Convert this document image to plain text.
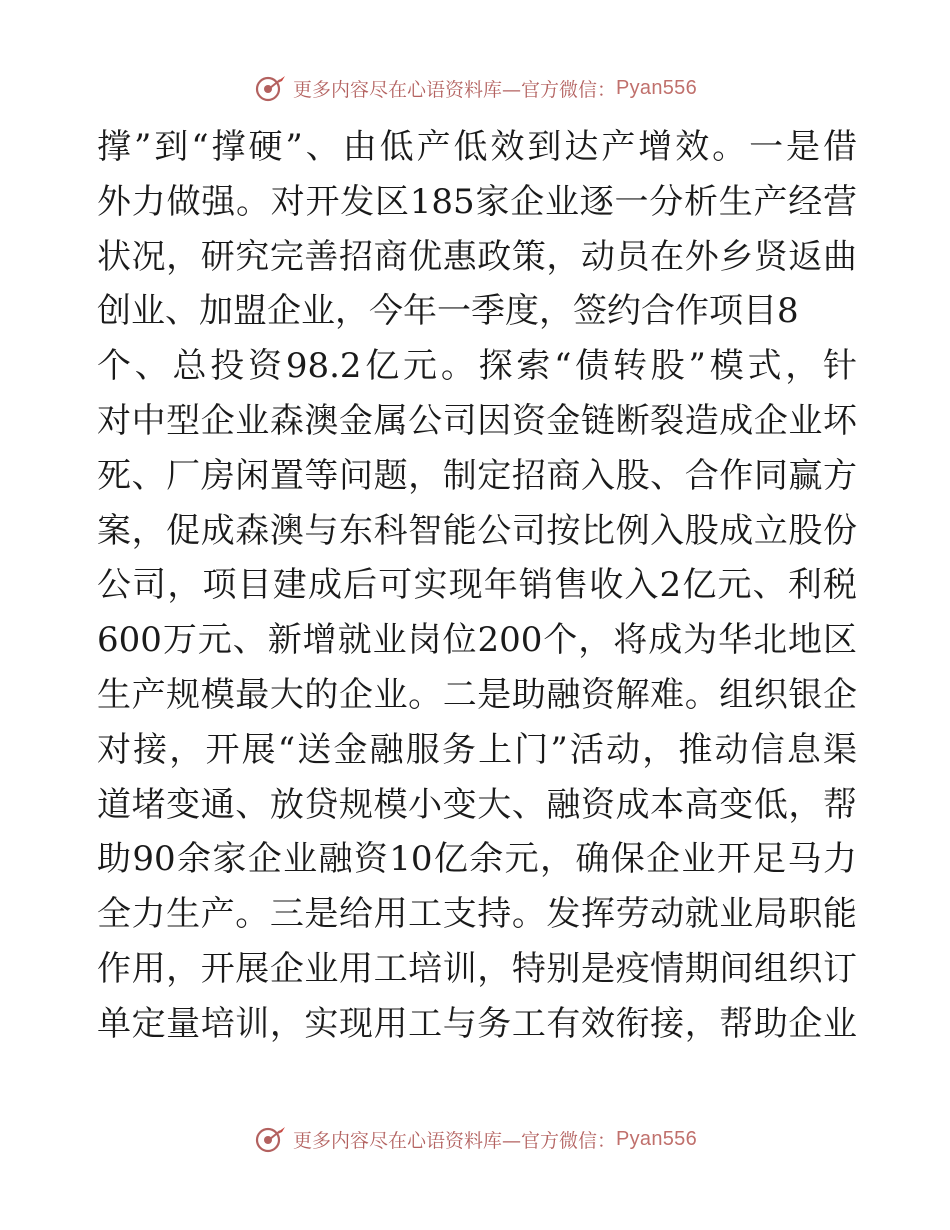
更多内容尽在心语资料库—官方微信： Pyan556
撑”到“撑硬”、由低产低效到达产增效。一是借
外力做强。对开发区185家企业逐一分析生产经营
状况，研究完善招商优惠政策，动员在外乡贤返曲
创业、加盟企业，今年一季度，签约合作项目8
个、总投资98.2亿元。探索“债转股”模式，针
对中型企业森澳金属公司因资金链断裂造成企业坏
死、厂房闲置等问题，制定招商入股、合作同赢方
案，促成森澳与东科智能公司按比例入股成立股份
公司，项目建成后可实现年销售收入2亿元、利税
600万元、新增就业岗位200个，将成为华北地区
生产规模最大的企业。二是助融资解难。组织银企
对接，开展“送金融服务上门”活动，推动信息渠
道堵变通、放贷规模小变大、融资成本高变低，帮
助90余家企业融资10亿余元，确保企业开足马力
全力生产。三是给用工支持。发挥劳动就业局职能
作用，开展企业用工培训，特别是疫情期间组织订
单定量培训，实现用工与务工有效衔接，帮助企业
更多内容尽在心语资料库—官方微信： Pyan556
